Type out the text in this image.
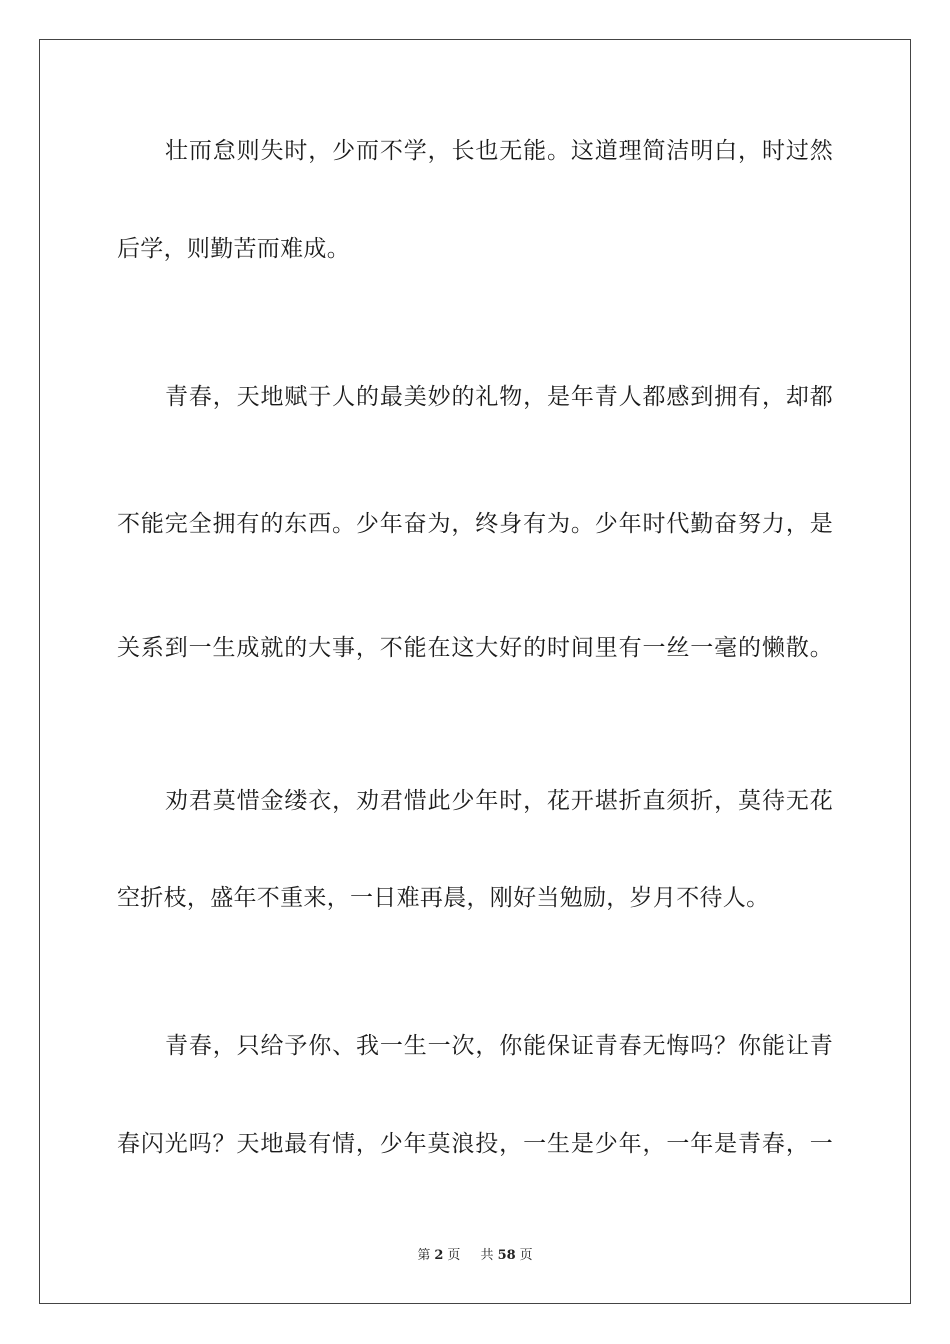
壮而怠则失时，少而不学，长也无能。这道理简洁明白，时过然
后学，则勤苦而难成。
青春，天地赋于人的最美妙的礼物，是年青人都感到拥有，却都
不能完全拥有的东西。少年奋为，终身有为。少年时代勤奋努力，是
关系到一生成就的大事，不能在这大好的时间里有一丝一毫的懒散。
劝君莫惜金缕衣，劝君惜此少年时，花开堪折直须折，莫待无花
空折枝，盛年不重来，一日难再晨，刚好当勉励，岁月不待人。
青春，只给予你、我一生一次，你能保证青春无悔吗？你能让青
春闪光吗？天地最有情，少年莫浪投，一生是少年，一年是青春，一
第 2 页 共 58 页
